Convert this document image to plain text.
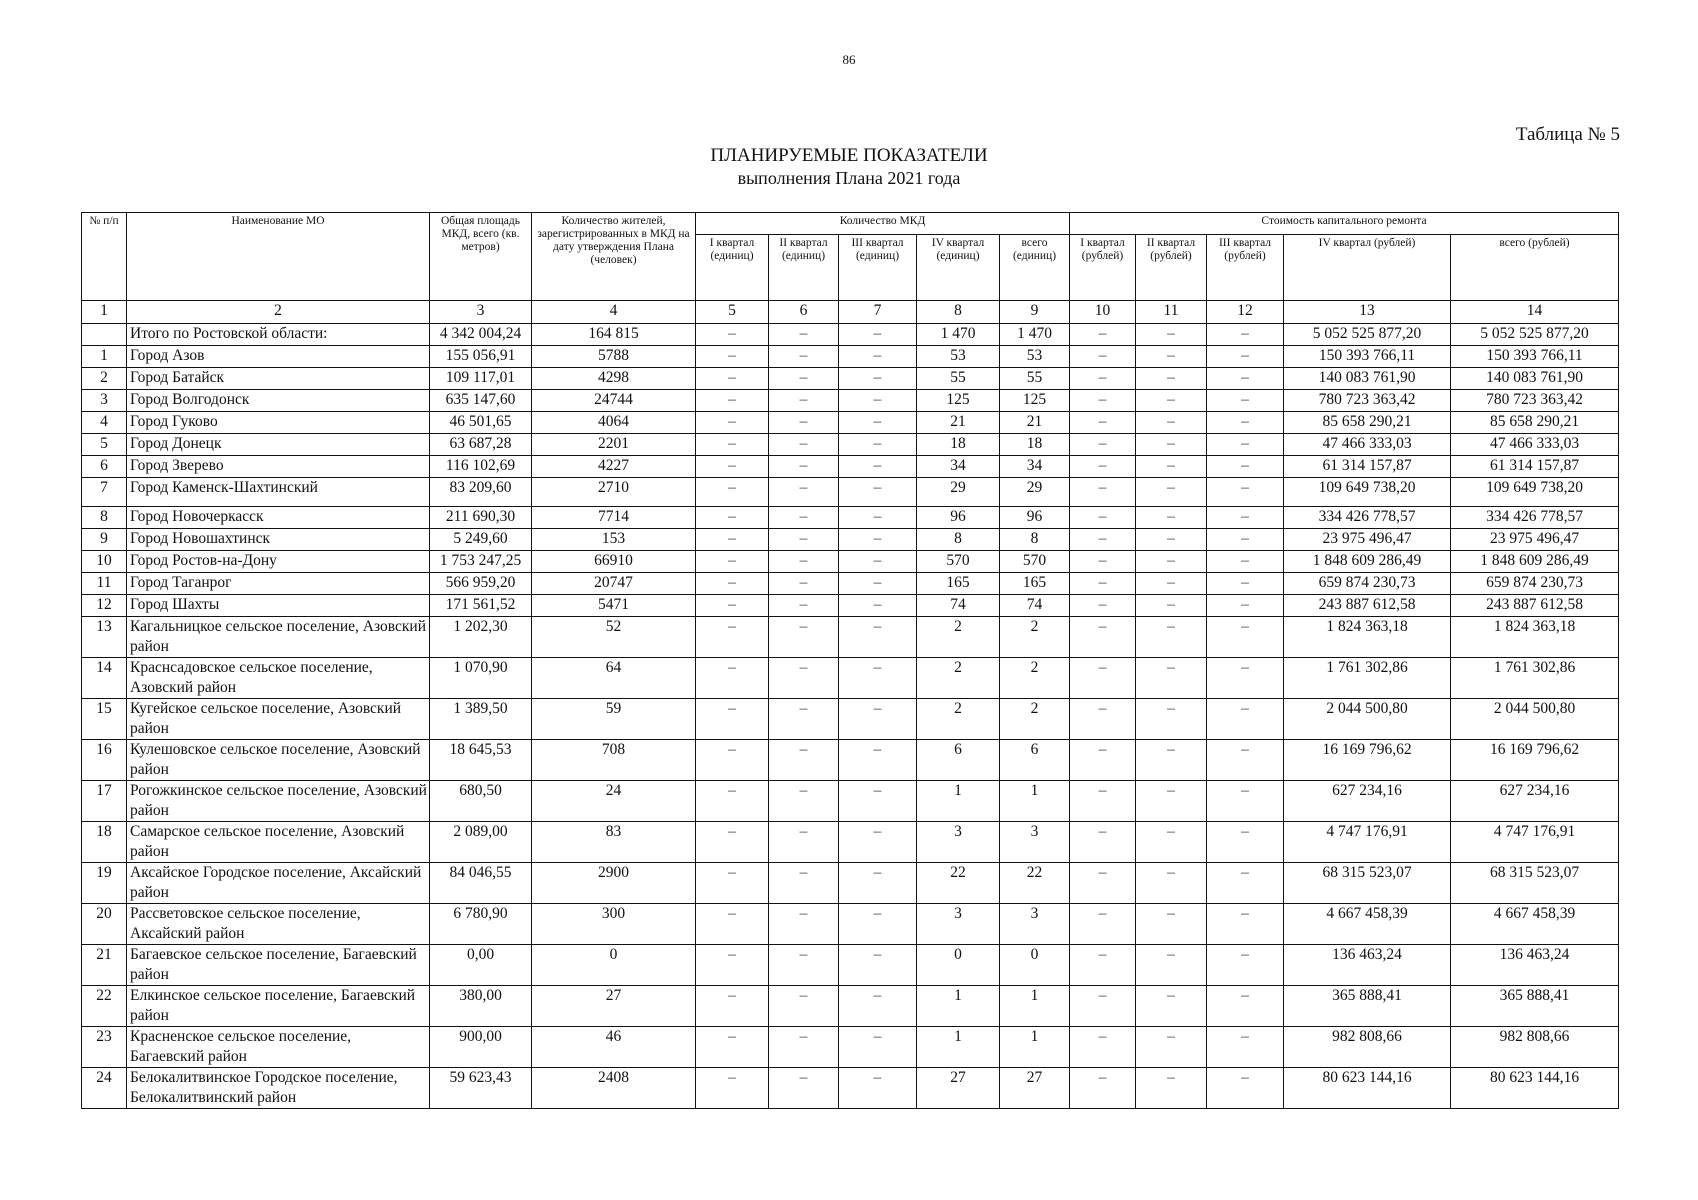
86
Таблица № 5
ПЛАНИРУЕМЫЕ ПОКАЗАТЕЛИ
выполнения Плана 2021 года
№ п/п	Наименование МО	Общая площадь МКД, всего (кв. метров)	Количество жителей, зарегистрированных в МКД на дату утверждения Плана (человек)	Количество МКД					Стоимость капитального ремонта				
				I квартал (единиц)	II квартал (единиц)	III квартал (единиц)	IV квартал (единиц)	всего (единиц)	I квартал (рублей)	II квартал (рублей)	III квартал (рублей)	IV квартал (рублей)	всего (рублей)
1	2	3	4	5	6	7	8	9	10	11	12	13	14
	Итого по Ростовской области:	4 342 004,24	164 815	–	–	–	1 470	1 470	–	–	–	5 052 525 877,20	5 052 525 877,20
1	Город Азов	155 056,91	5788	–	–	–	53	53	–	–	–	150 393 766,11	150 393 766,11
2	Город Батайск	109 117,01	4298	–	–	–	55	55	–	–	–	140 083 761,90	140 083 761,90
3	Город Волгодонск	635 147,60	24744	–	–	–	125	125	–	–	–	780 723 363,42	780 723 363,42
4	Город Гуково	46 501,65	4064	–	–	–	21	21	–	–	–	85 658 290,21	85 658 290,21
5	Город Донецк	63 687,28	2201	–	–	–	18	18	–	–	–	47 466 333,03	47 466 333,03
6	Город Зверево	116 102,69	4227	–	–	–	34	34	–	–	–	61 314 157,87	61 314 157,87
7	Город Каменск-Шахтинский	83 209,60	2710	–	–	–	29	29	–	–	–	109 649 738,20	109 649 738,20
8	Город Новочеркасск	211 690,30	7714	–	–	–	96	96	–	–	–	334 426 778,57	334 426 778,57
9	Город Новошахтинск	5 249,60	153	–	–	–	8	8	–	–	–	23 975 496,47	23 975 496,47
10	Город Ростов-на-Дону	1 753 247,25	66910	–	–	–	570	570	–	–	–	1 848 609 286,49	1 848 609 286,49
11	Город Таганрог	566 959,20	20747	–	–	–	165	165	–	–	–	659 874 230,73	659 874 230,73
12	Город Шахты	171 561,52	5471	–	–	–	74	74	–	–	–	243 887 612,58	243 887 612,58
13	Кагальницкое сельское поселение, Азовский район	1 202,30	52	–	–	–	2	2	–	–	–	1 824 363,18	1 824 363,18
14	Краснсадовское сельское поселение, Азовский район	1 070,90	64	–	–	–	2	2	–	–	–	1 761 302,86	1 761 302,86
15	Кугейское сельское поселение, Азовский район	1 389,50	59	–	–	–	2	2	–	–	–	2 044 500,80	2 044 500,80
16	Кулешовское сельское поселение, Азовский район	18 645,53	708	–	–	–	6	6	–	–	–	16 169 796,62	16 169 796,62
17	Рогожкинское сельское поселение, Азовский район	680,50	24	–	–	–	1	1	–	–	–	627 234,16	627 234,16
18	Самарское сельское поселение, Азовский район	2 089,00	83	–	–	–	3	3	–	–	–	4 747 176,91	4 747 176,91
19	Аксайское Городское поселение, Аксайский район	84 046,55	2900	–	–	–	22	22	–	–	–	68 315 523,07	68 315 523,07
20	Рассветовское сельское поселение, Аксайский район	6 780,90	300	–	–	–	3	3	–	–	–	4 667 458,39	4 667 458,39
21	Багаевское сельское поселение, Багаевский район	0,00	0	–	–	–	0	0	–	–	–	136 463,24	136 463,24
22	Елкинское сельское поселение, Багаевский район	380,00	27	–	–	–	1	1	–	–	–	365 888,41	365 888,41
23	Красненское сельское поселение, Багаевский район	900,00	46	–	–	–	1	1	–	–	–	982 808,66	982 808,66
24	Белокалитвинское Городское поселение, Белокалитвинский район	59 623,43	2408	–	–	–	27	27	–	–	–	80 623 144,16	80 623 144,16
